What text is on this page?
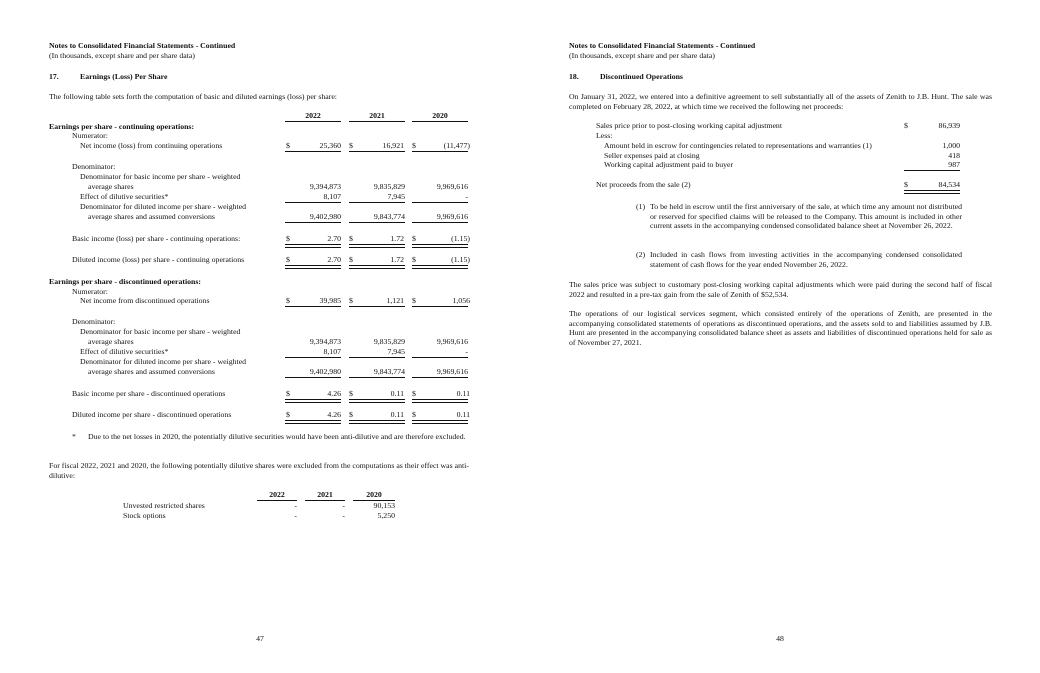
Notes to Consolidated Financial Statements - Continued
(In thousands, except share and per share data)
17.	Earnings (Loss) Per Share
The following table sets forth the computation of basic and diluted earnings (loss) per share:
2022	2021	2020
Earnings per share - continuing operations:
Numerator:
Net income (loss) from continuing operations	$	25,360 $	16,921 $	(11,477)
Denominator:
Denominator for basic income per share - weighted
average shares	9,394,873	9,835,829	9,969,616
Effect of dilutive securities*	8,107	7,945	-
Denominator for diluted income per share - weighted
average shares and assumed conversions	9,402,980	9,843,774	9,969,616
Basic income (loss) per share - continuing operations:	$	2.70 $	1.72 $	(1.15)
Diluted income (loss) per share - continuing operations	$	2.70 $	1.72 $	(1.15)
Earnings per share - discontinued operations:
Numerator:
Net income from discontinued operations	$	39,985 $	1,121 $	1,056
Denominator:
Denominator for basic income per share - weighted
average shares	9,394,873	9,835,829	9,969,616
Effect of dilutive securities*	8,107	7,945	-
Denominator for diluted income per share - weighted
average shares and assumed conversions	9,402,980	9,843,774	9,969,616
Basic income per share - discontinued operations	$	4.26 $	0.11 $	0.11
Diluted income per share - discontinued operations	$	4.26 $	0.11 $	0.11
* Due to the net losses in 2020, the potentially dilutive securities would have been anti-dilutive and are therefore excluded.
For fiscal 2022, 2021 and 2020, the following potentially dilutive shares were excluded from the computations as their effect was anti-dilutive:
2022	2021	2020
Unvested restricted shares	-	-	90,153
Stock options	-	-	5,250
47
Notes to Consolidated Financial Statements - Continued
(In thousands, except share and per share data)
18.	Discontinued Operations
On January 31, 2022, we entered into a definitive agreement to sell substantially all of the assets of Zenith to J.B. Hunt. The sale was completed on February 28, 2022, at which time we received the following net proceeds:
Sales price prior to post-closing working capital adjustment	$	86,939
Less:
Amount held in escrow for contingencies related to representations and warranties (1)	1,000
Seller expenses paid at closing	418
Working capital adjustment paid to buyer	987
Net proceeds from the sale (2)	$	84,534
(1) To be held in escrow until the first anniversary of the sale, at which time any amount not distributed or reserved for specified claims will be released to the Company. This amount is included in other current assets in the accompanying condensed consolidated balance sheet at November 26, 2022.
(2) Included in cash flows from investing activities in the accompanying condensed consolidated statement of cash flows for the year ended November 26, 2022.
The sales price was subject to customary post-closing working capital adjustments which were paid during the second half of fiscal 2022 and resulted in a pre-tax gain from the sale of Zenith of $52,534.
The operations of our logistical services segment, which consisted entirely of the operations of Zenith, are presented in the accompanying consolidated statements of operations as discontinued operations, and the assets sold to and liabilities assumed by J.B. Hunt are presented in the accompanying consolidated balance sheet as assets and liabilities of discontinued operations held for sale as of November 27, 2021.
48
